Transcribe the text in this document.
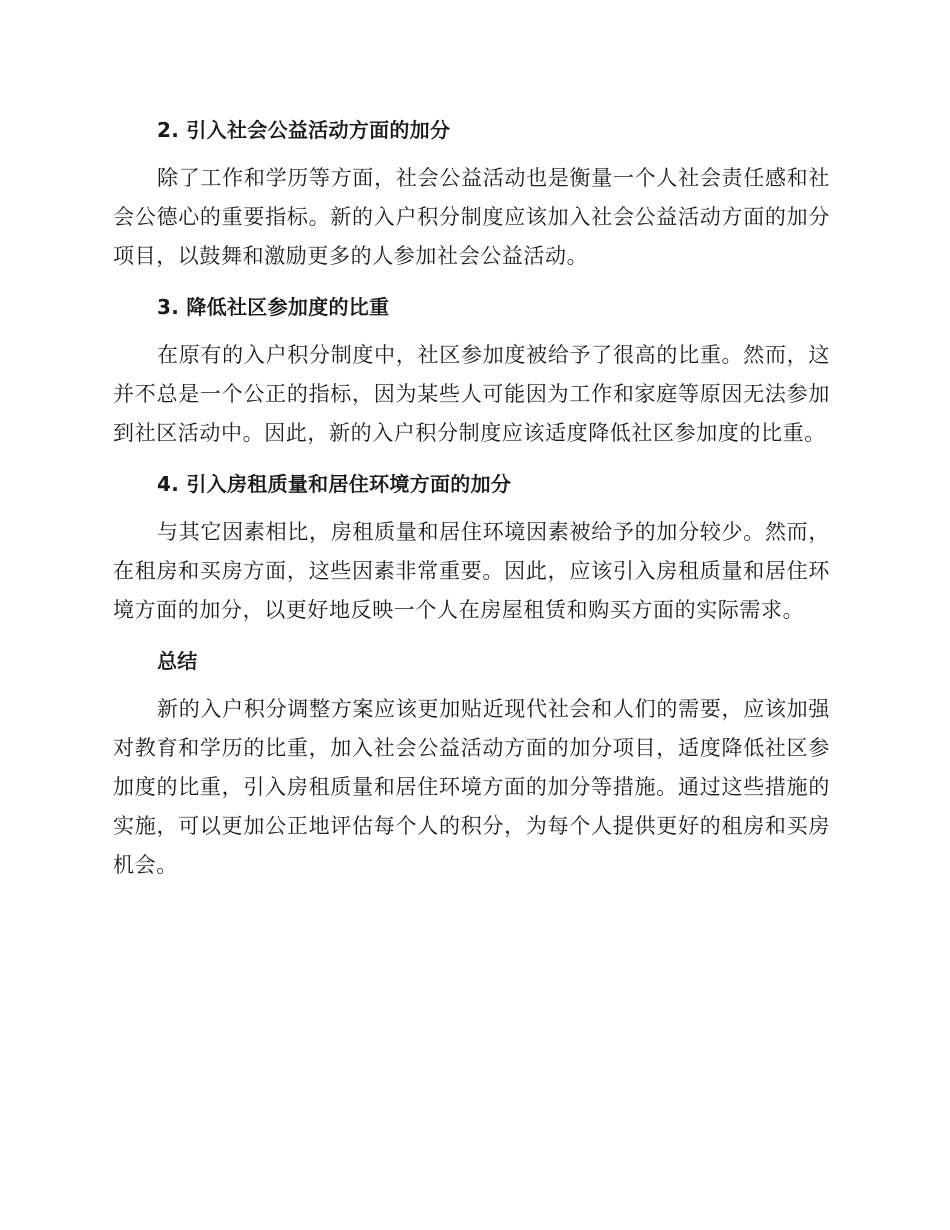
2. 引入社会公益活动方面的加分

除了工作和学历等方面，社会公益活动也是衡量一个人社会责任感和社会公德心的重要指标。新的入户积分制度应该加入社会公益活动方面的加分项目，以鼓舞和激励更多的人参加社会公益活动。

3. 降低社区参加度的比重

在原有的入户积分制度中，社区参加度被给予了很高的比重。然而，这并不总是一个公正的指标，因为某些人可能因为工作和家庭等原因无法参加到社区活动中。因此，新的入户积分制度应该适度降低社区参加度的比重。

4. 引入房租质量和居住环境方面的加分

与其它因素相比，房租质量和居住环境因素被给予的加分较少。然而，在租房和买房方面，这些因素非常重要。因此，应该引入房租质量和居住环境方面的加分，以更好地反映一个人在房屋租赁和购买方面的实际需求。

总结

新的入户积分调整方案应该更加贴近现代社会和人们的需要，应该加强对教育和学历的比重，加入社会公益活动方面的加分项目，适度降低社区参加度的比重，引入房租质量和居住环境方面的加分等措施。通过这些措施的实施，可以更加公正地评估每个人的积分，为每个人提供更好的租房和买房机会。
